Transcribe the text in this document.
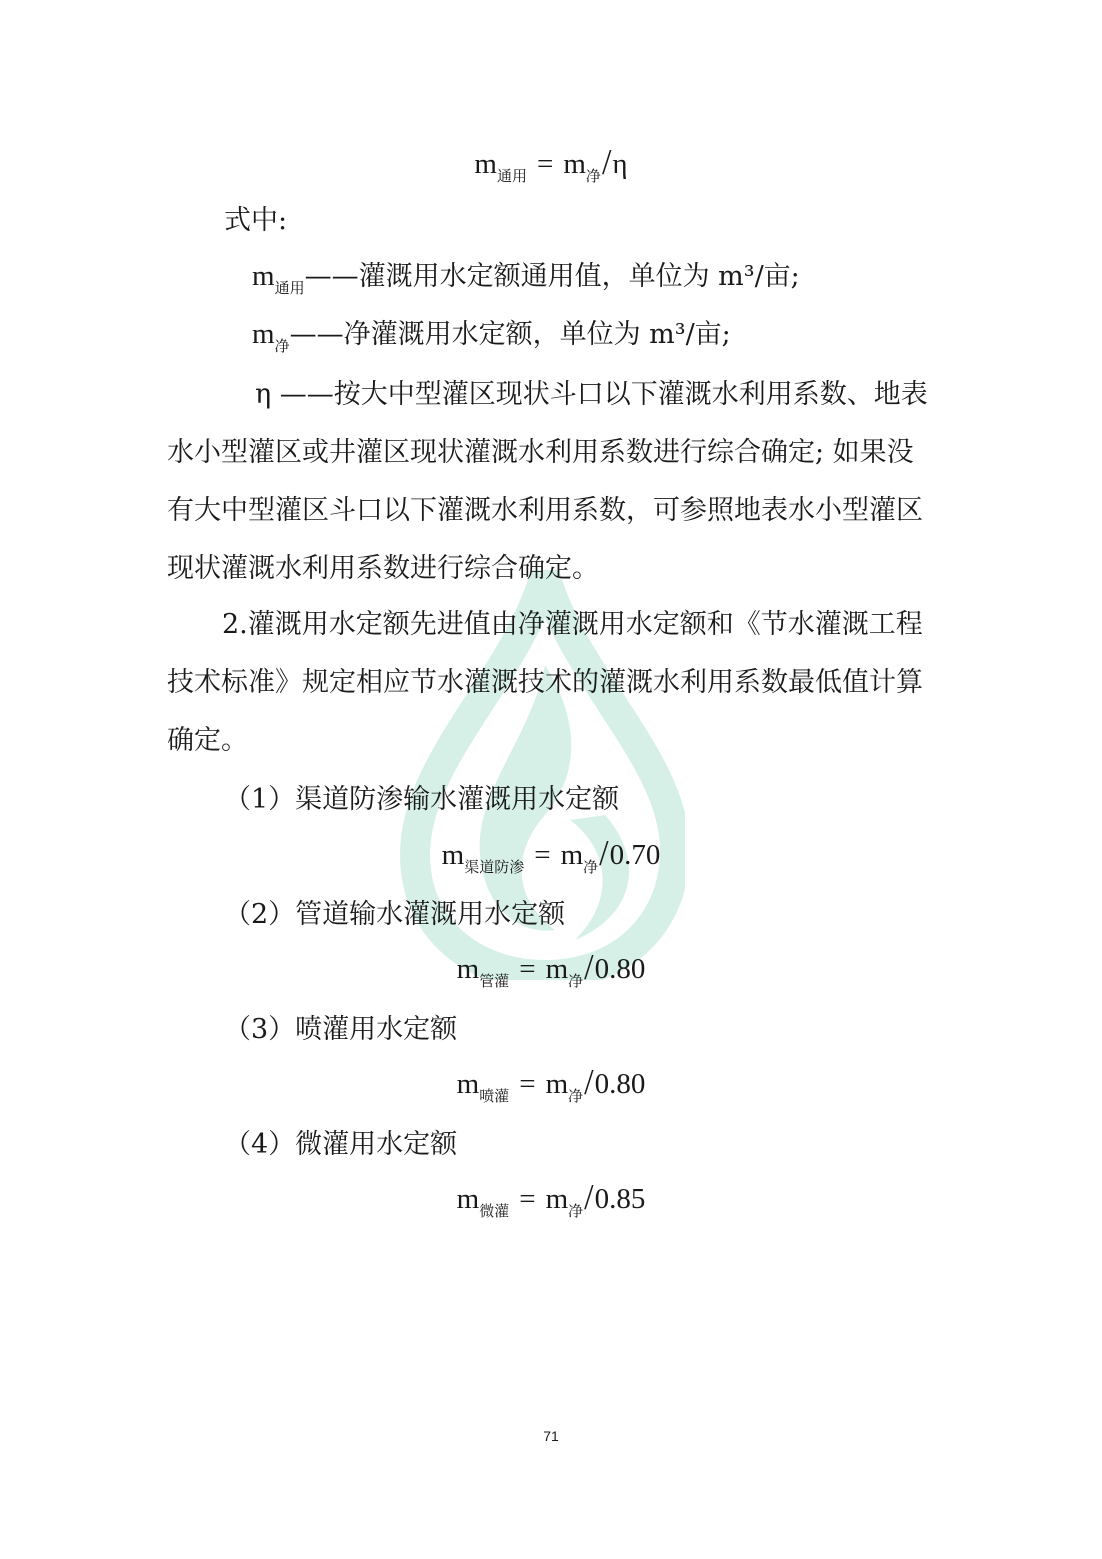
$m_{通用} = m_净/\eta$
式中:
$m_{通用}——$灌溉用水定额通用值，单位为 m³/亩;
$m_净——$净灌溉用水定额，单位为 m³/亩;
η ——按大中型灌区现状斗口以下灌溉水利用系数、地表水小型灌区或井灌区现状灌溉水利用系数进行综合确定; 如果没有大中型灌区斗口以下灌溉水利用系数，可参照地表水小型灌区现状灌溉水利用系数进行综合确定。
2.灌溉用水定额先进值由净灌溉用水定额和《节水灌溉工程技术标准》规定相应节水灌溉技术的灌溉水利用系数最低值计算确定。
（1）渠道防渗输水灌溉用水定额
$m_{渠道防渗} = m_净/0.70$
（2）管道输水灌溉用水定额
$m_{管灌} = m_净/0.80$
（3）喷灌用水定额
$m_{喷灌} = m_净/0.80$
（4）微灌用水定额
$m_{微灌} = m_净/0.85$
71
